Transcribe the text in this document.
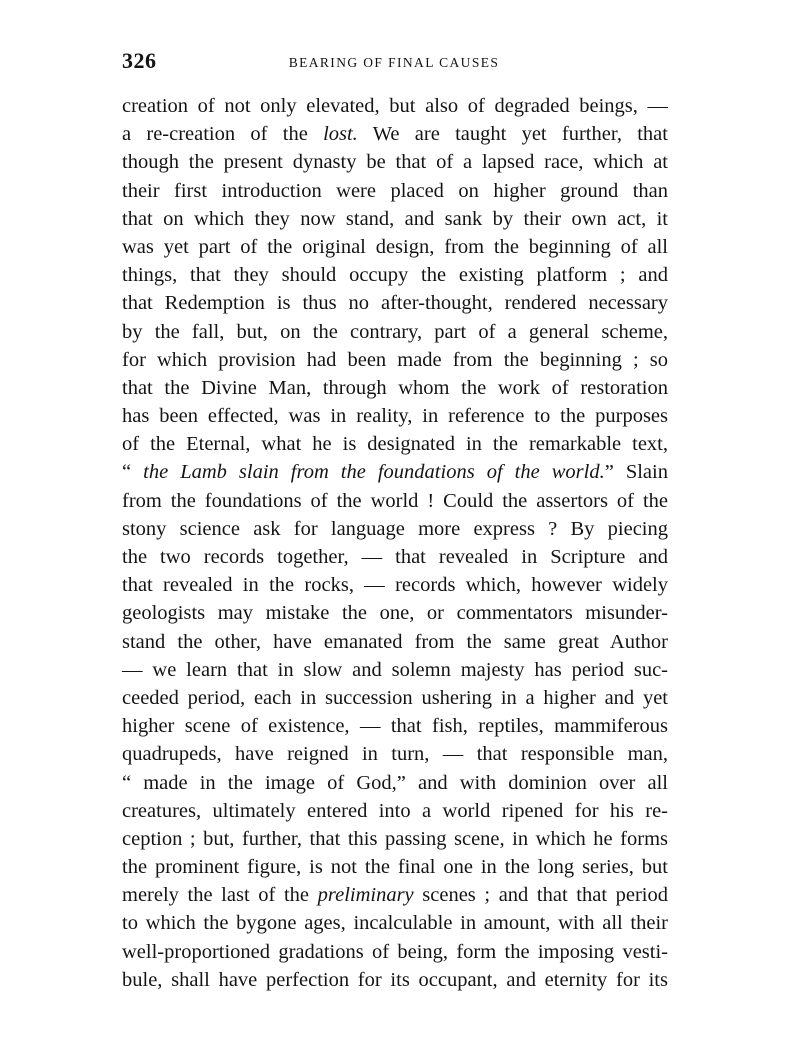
326	BEARING OF FINAL CAUSES
creation of not only elevated, but also of degraded beings, —
a re-creation of the lost. We are taught yet further, that
though the present dynasty be that of a lapsed race, which at
their first introduction were placed on higher ground than
that on which they now stand, and sank by their own act, it
was yet part of the original design, from the beginning of all
things, that they should occupy the existing platform ; and
that Redemption is thus no after-thought, rendered necessary
by the fall, but, on the contrary, part of a general scheme,
for which provision had been made from the beginning ; so
that the Divine Man, through whom the work of restoration
has been effected, was in reality, in reference to the purposes
of the Eternal, what he is designated in the remarkable text,
“ the Lamb slain from the foundations of the world.” Slain
from the foundations of the world ! Could the assertors of the
stony science ask for language more express ? By piecing
the two records together, — that revealed in Scripture and
that revealed in the rocks, — records which, however widely
geologists may mistake the one, or commentators misunder-
stand the other, have emanated from the same great Author
— we learn that in slow and solemn majesty has period suc-
ceeded period, each in succession ushering in a higher and yet
higher scene of existence, — that fish, reptiles, mammiferous
quadrupeds, have reigned in turn, — that responsible man,
“ made in the image of God,” and with dominion over all
creatures, ultimately entered into a world ripened for his re-
ception ; but, further, that this passing scene, in which he forms
the prominent figure, is not the final one in the long series, but
merely the last of the preliminary scenes ; and that that period
to which the bygone ages, incalculable in amount, with all their
well-proportioned gradations of being, form the imposing vesti-
bule, shall have perfection for its occupant, and eternity for its
